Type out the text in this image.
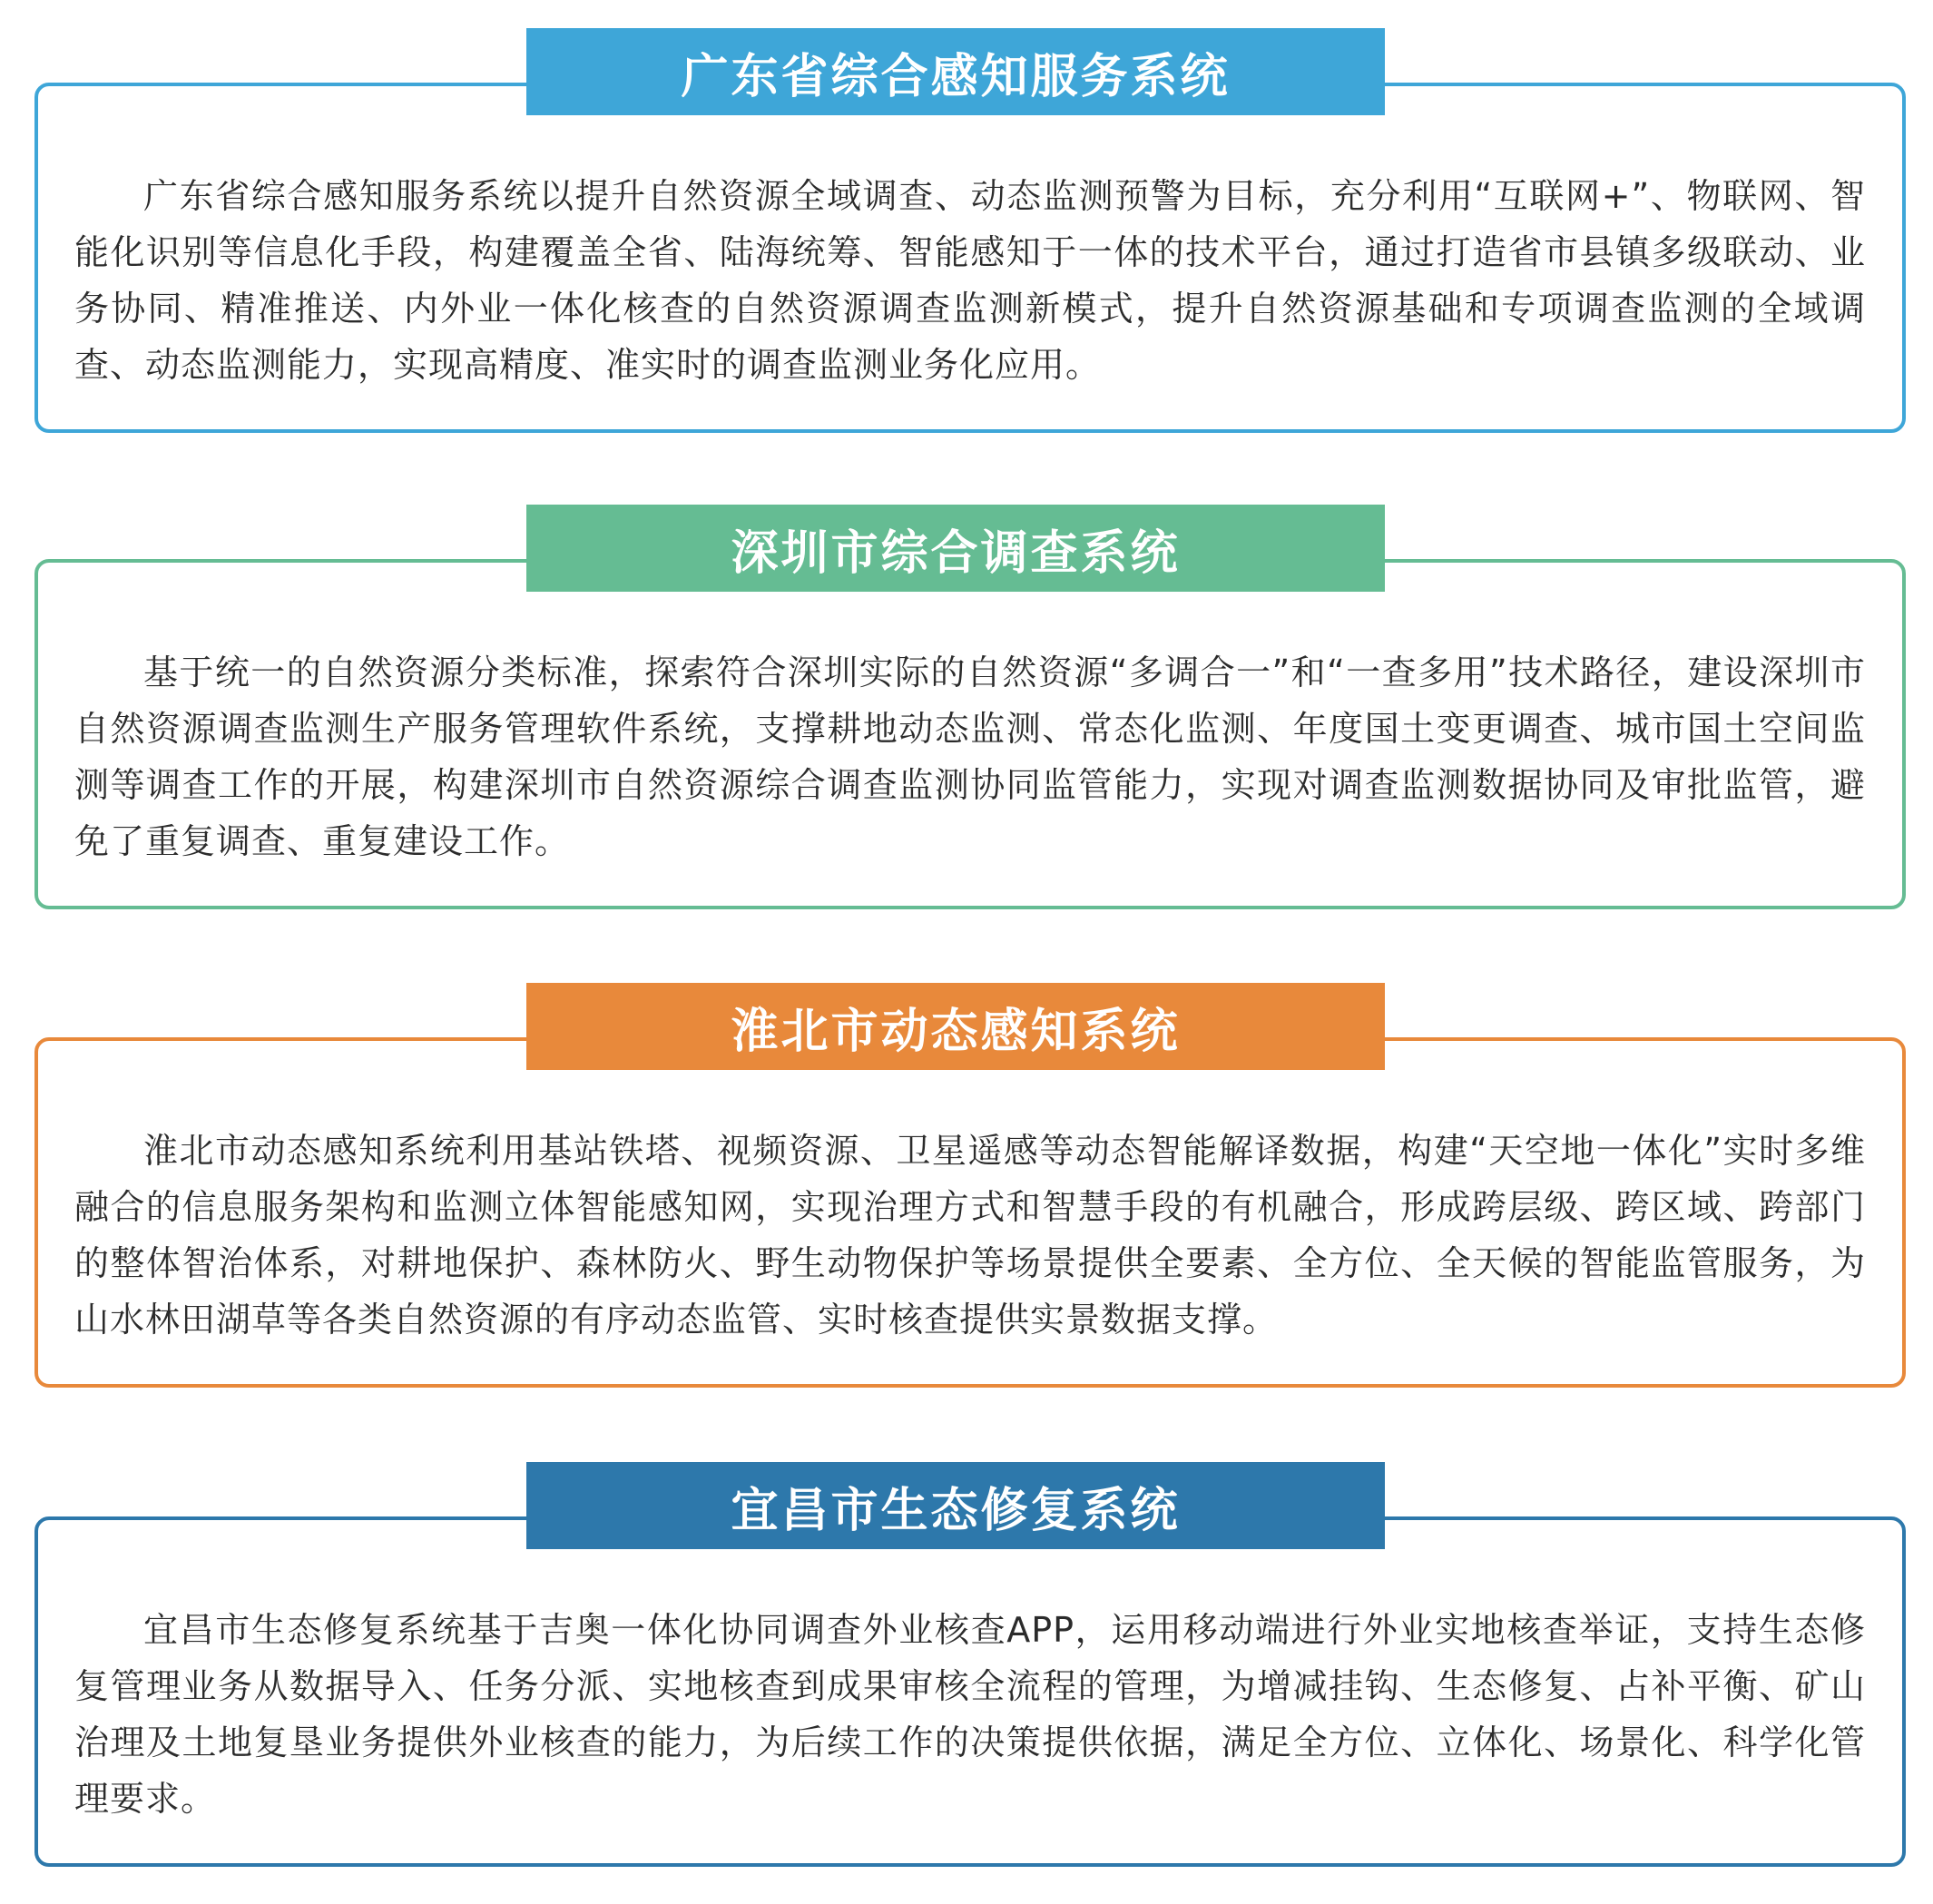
广东省综合感知服务系统以提升自然资源全域调查、动态监测预警为目标，充分利用“互联网+”、物联网、智能化识别等信息化手段，构建覆盖全省、陆海统筹、智能感知于一体的技术平台，通过打造省市县镇多级联动、业务协同、精准推送、内外业一体化核查的自然资源调查监测新模式，提升自然资源基础和专项调查监测的全域调查、动态监测能力，实现高精度、准实时的调查监测业务化应用。
广东省综合感知服务系统
基于统一的自然资源分类标准，探索符合深圳实际的自然资源“多调合一”和“一查多用”技术路径，建设深圳市自然资源调查监测生产服务管理软件系统，支撑耕地动态监测、常态化监测、年度国土变更调查、城市国土空间监测等调查工作的开展，构建深圳市自然资源综合调查监测协同监管能力，实现对调查监测数据协同及审批监管，避免了重复调查、重复建设工作。
深圳市综合调查系统
淮北市动态感知系统利用基站铁塔、视频资源、卫星遥感等动态智能解译数据，构建“天空地一体化”实时多维融合的信息服务架构和监测立体智能感知网，实现治理方式和智慧手段的有机融合，形成跨层级、跨区域、跨部门的整体智治体系，对耕地保护、森林防火、野生动物保护等场景提供全要素、全方位、全天候的智能监管服务，为山水林田湖草等各类自然资源的有序动态监管、实时核查提供实景数据支撑。
淮北市动态感知系统
宜昌市生态修复系统基于吉奥一体化协同调查外业核查APP，运用移动端进行外业实地核查举证，支持生态修复管理业务从数据导入、任务分派、实地核查到成果审核全流程的管理，为增减挂钩、生态修复、占补平衡、矿山治理及土地复垦业务提供外业核查的能力，为后续工作的决策提供依据，满足全方位、立体化、场景化、科学化管理要求。
宜昌市生态修复系统
